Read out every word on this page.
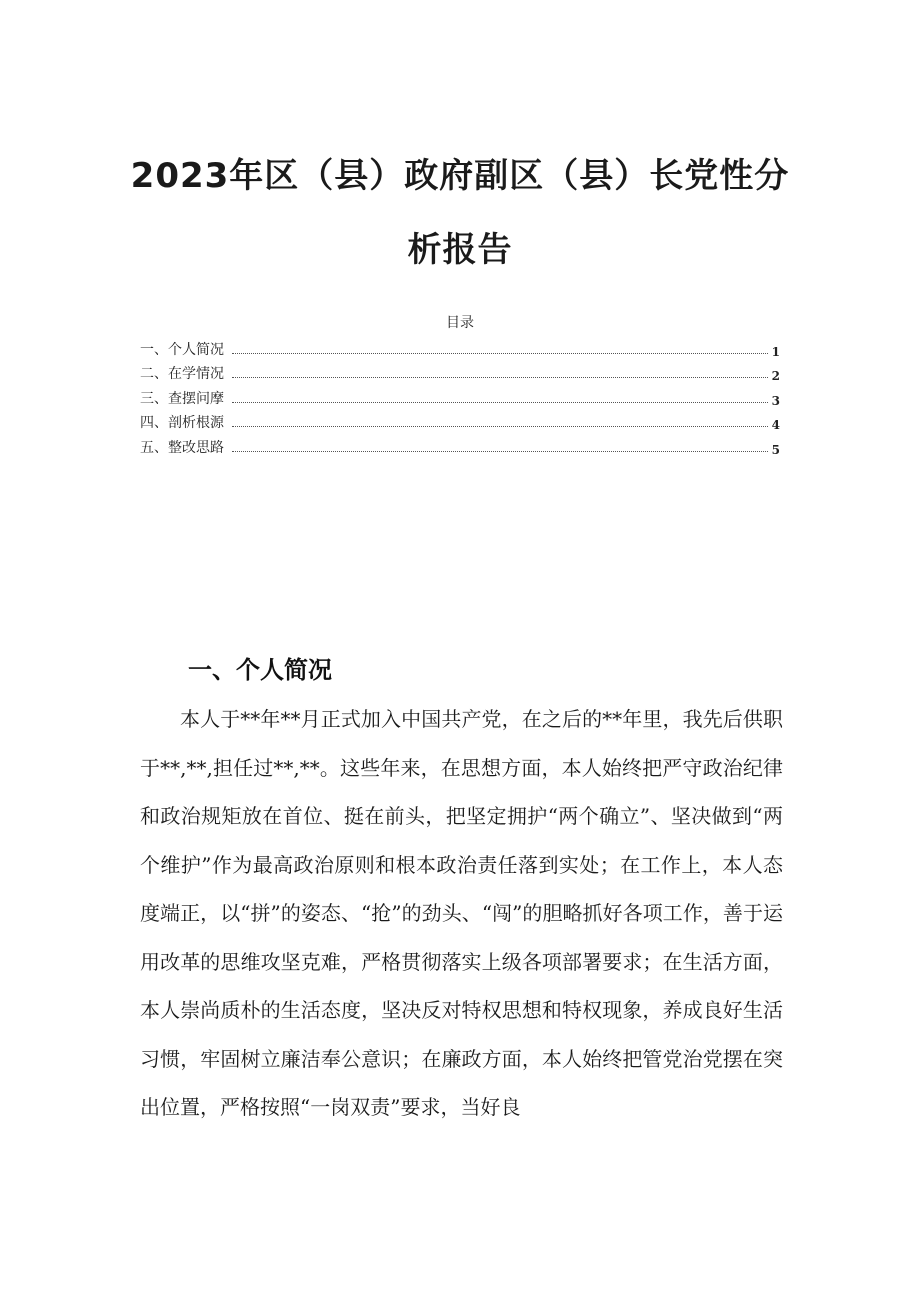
2023年区（县）政府副区（县）长党性分
析报告
目录
一、个人简况	1
二、在学情况	2
三、查摆问摩	3
四、剖析根源	4
五、整改思路	5
一、个人简况

本人于**年**月正式加入中国共产党，在之后的**年里，我先后供职于**,**,担任过**,**。这些年来，在思想方面，本人始终把严守政治纪律和政治规矩放在首位、挺在前头，把坚定拥护“两个确立”、坚决做到“两个维护”作为最高政治原则和根本政治责任落到实处；在工作上，本人态度端正，以“拼”的姿态、“抢”的劲头、“闯”的胆略抓好各项工作，善于运用改革的思维攻坚克难，严格贯彻落实上级各项部署要求；在生活方面，本人崇尚质朴的生活态度，坚决反对特权思想和特权现象，养成良好生活习惯，牢固树立廉洁奉公意识；在廉政方面，本人始终把管党治党摆在突出位置，严格按照“一岗双责”要求，当好良
